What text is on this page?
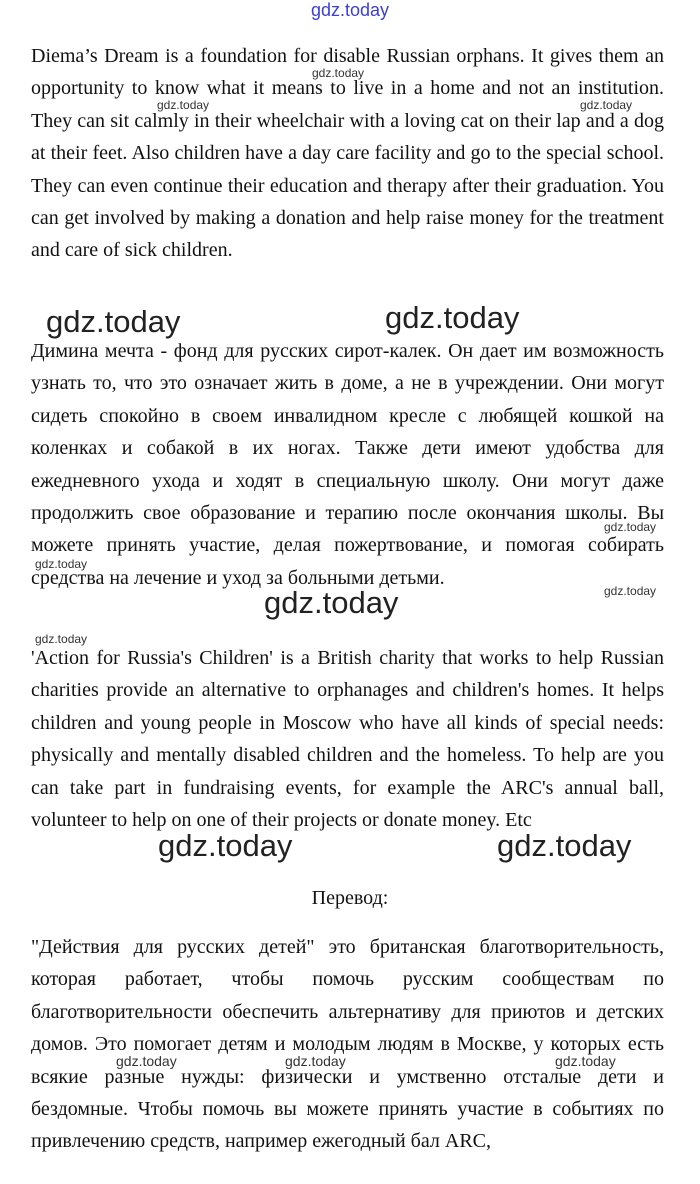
gdz.today

Diema’s Dream is a foundation for disable Russian orphans. It gives them an opportunity to know what it means to live in a home and not an institution. They can sit calmly in their wheelchair with a loving cat on their lap and a dog at their feet. Also children have a day care facility and go to the special school. They can even continue their education and therapy after their graduation. You can get involved by making a donation and help raise money for the treatment and care of sick children.

Димина мечта - фонд для русских сирот-калек. Он дает им возможность узнать то, что это означает жить в доме, а не в учреждении. Они могут сидеть спокойно в своем инвалидном кресле с любящей кошкой на коленках и собакой в их ногах. Также дети имеют удобства для ежедневного ухода и ходят в специальную школу. Они могут даже продолжить свое образование и терапию после окончания школы. Вы можете принять участие, делая пожертвование, и помогая собирать средства на лечение и уход за больными детьми.

'Action for Russia's Children' is a British charity that works to help Russian charities provide an alternative to orphanages and children's homes. It helps children and young people in Moscow who have all kinds of special needs: physically and mentally disabled children and the homeless. To help are you can take part in fundraising events, for example the ARC's annual ball, volunteer to help on one of their projects or donate money. Etc

Перевод:

"Действия для русских детей" это британская благотворительность, которая работает, чтобы помочь русским сообществам по благотворительности обеспечить альтернативу для приютов и детских домов. Это помогает детям и молодым людям в Москве, у которых есть всякие разные нужды: физически и умственно отсталые дети и бездомные. Чтобы помочь вы можете принять участие в событиях по привлечению средств, например ежегодный бал ARC,

gdz.today
gdz.today	gdz.today
gdz.today	gdz.today
gdz.today
gdz.today
gdz.today
gdz.today
gdz.today
gdz.today	gdz.today
gdz.today	gdz.today	gdz.today
